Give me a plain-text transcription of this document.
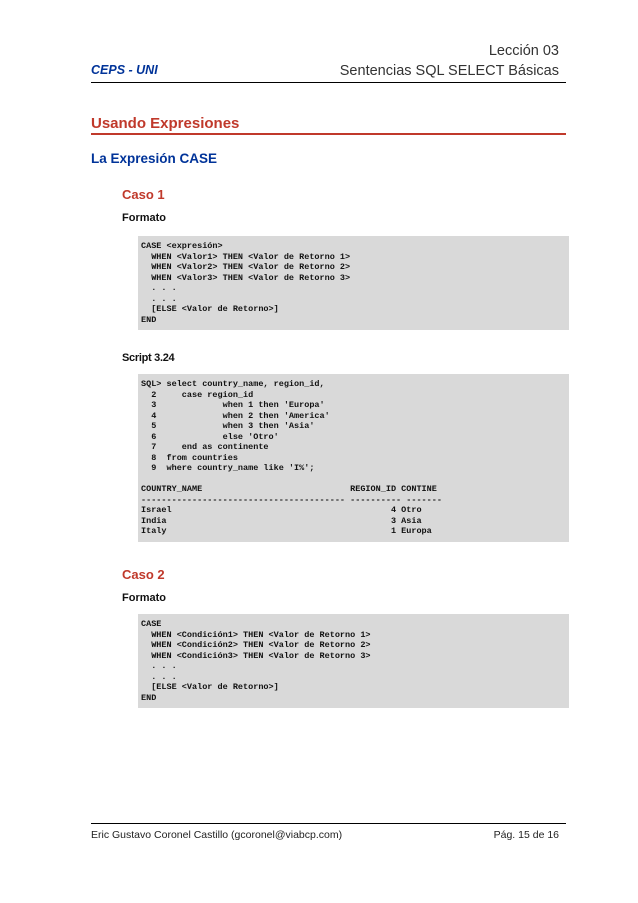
Lección 03
Sentencias SQL SELECT Básicas
CEPS - UNI
Usando Expresiones
La Expresión CASE
Caso 1
Formato
CASE <expresión>
WHEN <Valor1> THEN <Valor de Retorno 1>
WHEN <Valor2> THEN <Valor de Retorno 2>
WHEN <Valor3> THEN <Valor de Retorno 3>
. . .
. . .
[ELSE <Valor de Retorno>]
END
Script 3.24
SQL> select country_name, region_id,
2     case region_id
3             when 1 then 'Europa'
4             when 2 then 'America'
5             when 3 then 'Asia'
6             else 'Otro'
7     end as continente
8  from countries
9  where country_name like 'I%';

COUNTRY_NAME                             REGION_ID CONTINE
---------------------------------------- ---------- -------
Israel                                           4 Otro
India                                            3 Asia
Italy                                            1 Europa
Caso 2
Formato
CASE
WHEN <Condición1> THEN <Valor de Retorno 1>
WHEN <Condición2> THEN <Valor de Retorno 2>
WHEN <Condición3> THEN <Valor de Retorno 3>
. . .
. . .
[ELSE <Valor de Retorno>]
END
Eric Gustavo Coronel Castillo (gcoronel@viabcp.com)	Pág. 15 de 16
